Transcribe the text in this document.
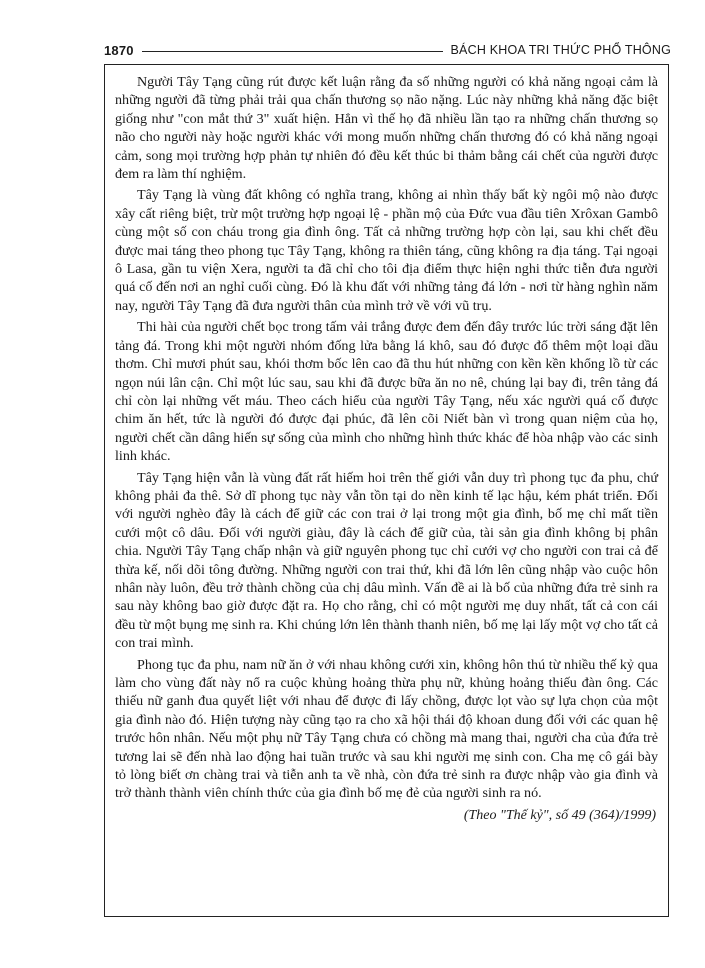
1870	BÁCH KHOA TRI THỨC PHỔ THÔNG

Người Tây Tạng cũng rút được kết luận rằng đa số những người có khả năng ngoại cảm là những người đã từng phải trải qua chấn thương sọ não nặng. Lúc này những khả năng đặc biệt giống như "con mắt thứ 3" xuất hiện. Hẳn vì thế họ đã nhiều lần tạo ra những chấn thương sọ não cho người này hoặc người khác với mong muốn những chấn thương đó có khả năng ngoại cảm, song mọi trường hợp phản tự nhiên đó đều kết thúc bi thảm bằng cái chết của người được đem ra làm thí nghiệm.

Tây Tạng là vùng đất không có nghĩa trang, không ai nhìn thấy bất kỳ ngôi mộ nào được xây cất riêng biệt, trừ một trường hợp ngoại lệ - phần mộ của Đức vua đầu tiên Xrôxan Gambô cùng một số con cháu trong gia đình ông. Tất cả những trường hợp còn lại, sau khi chết đều được mai táng theo phong tục Tây Tạng, không ra thiên táng, cũng không ra địa táng. Tại ngoại ô Lasa, gần tu viện Xera, người ta đã chỉ cho tôi địa điểm thực hiện nghi thức tiễn đưa người quá cố đến nơi an nghỉ cuối cùng. Đó là khu đất với những tảng đá lớn - nơi từ hàng nghìn năm nay, người Tây Tạng đã đưa người thân của mình trở về với vũ trụ.

Thi hài của người chết bọc trong tấm vải trắng được đem đến đây trước lúc trời sáng đặt lên tảng đá. Trong khi một người nhóm đống lửa bằng lá khô, sau đó được đổ thêm một loại dầu thơm. Chỉ mươi phút sau, khói thơm bốc lên cao đã thu hút những con kền kền khổng lồ từ các ngọn núi lân cận. Chỉ một lúc sau, sau khi đã được bữa ăn no nê, chúng lại bay đi, trên tảng đá chỉ còn lại những vết máu. Theo cách hiểu của người Tây Tạng, nếu xác người quá cố được chim ăn hết, tức là người đó được đại phúc, đã lên cõi Niết bàn vì trong quan niệm của họ, người chết cần dâng hiến sự sống của mình cho những hình thức khác để hòa nhập vào các sinh linh khác.

Tây Tạng hiện vẫn là vùng đất rất hiếm hoi trên thế giới vẫn duy trì phong tục đa phu, chứ không phải đa thê. Sở dĩ phong tục này vẫn tồn tại do nền kinh tế lạc hậu, kém phát triển. Đối với người nghèo đây là cách để giữ các con trai ở lại trong một gia đình, bố mẹ chỉ mất tiền cưới một cô dâu. Đối với người giàu, đây là cách để giữ của, tài sản gia đình không bị phân chia. Người Tây Tạng chấp nhận và giữ nguyên phong tục chỉ cưới vợ cho người con trai cả để thừa kế, nối dõi tông đường. Những người con trai thứ, khi đã lớn lên cũng nhập vào cuộc hôn nhân này luôn, đều trở thành chồng của chị dâu mình. Vấn đề ai là bố của những đứa trẻ sinh ra sau này không bao giờ được đặt ra. Họ cho rằng, chỉ có một người mẹ duy nhất, tất cả con cái đều từ một bụng mẹ sinh ra. Khi chúng lớn lên thành thanh niên, bố mẹ lại lấy một vợ cho tất cả con trai mình.

Phong tục đa phu, nam nữ ăn ở với nhau không cưới xin, không hôn thú từ nhiều thế kỷ qua làm cho vùng đất này nổ ra cuộc khủng hoảng thừa phụ nữ, khủng hoảng thiếu đàn ông. Các thiếu nữ ganh đua quyết liệt với nhau để được đi lấy chồng, được lọt vào sự lựa chọn của một gia đình nào đó. Hiện tượng này cũng tạo ra cho xã hội thái độ khoan dung đối với các quan hệ trước hôn nhân. Nếu một phụ nữ Tây Tạng chưa có chồng mà mang thai, người cha của đứa trẻ tương lai sẽ đến nhà lao động hai tuần trước và sau khi người mẹ sinh con. Cha mẹ cô gái bày tỏ lòng biết ơn chàng trai và tiễn anh ta về nhà, còn đứa trẻ sinh ra được nhập vào gia đình và trở thành thành viên chính thức của gia đình bố mẹ đẻ của người sinh ra nó.

(Theo "Thế kỷ", số 49 (364)/1999)
